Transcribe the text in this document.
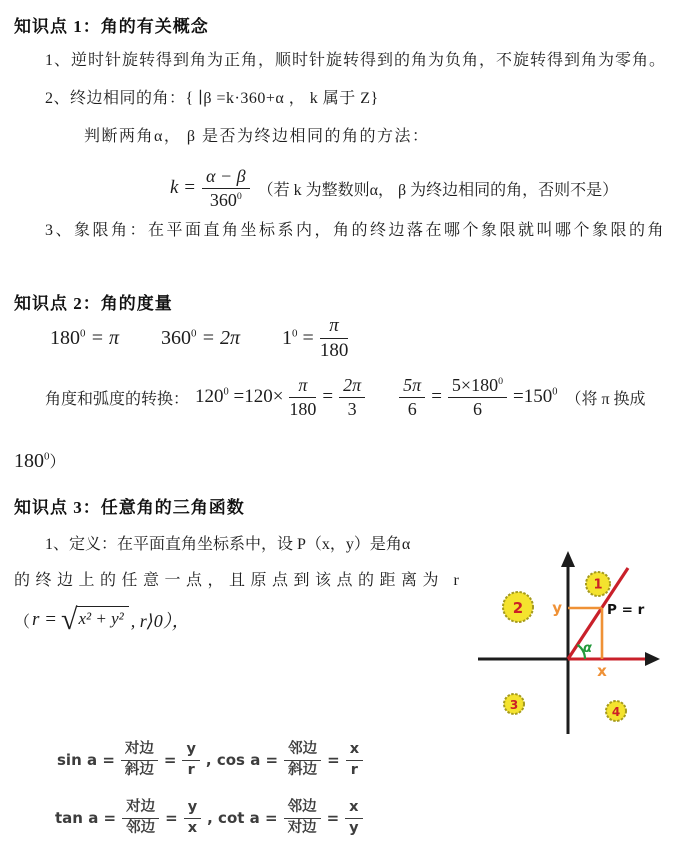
知识点 1：角的有关概念
1、逆时针旋转得到角为正角，顺时针旋转得到的角为负角，不旋转得到角为零角。
2、终边相同的角：{ ∣β =k·360+α ， k 属于 Z}
判断两角α， β 是否为终边相同的角的方法：
$k = \frac{\alpha - \beta}{360^0}$ （若 k 为整数则α， β 为终边相同的角，否则不是）
3、象限角：在平面直角坐标系内，角的终边落在哪个象限就叫哪个象限的角
知识点 2：角的度量
$180^0 = \pi$ $360^0 = 2\pi$ $1^0 = \frac{\pi}{180}$
角度和弧度的转换： $120^0 =120\times \frac{\pi}{180} = \frac{2\pi}{3} \frac{5\pi}{6} = \frac{5\times 180^0}{6} =150^0$ （将 π 换成
$180^0$）
知识点 3：任意角的三角函数
1、定义：在平面直角坐标系中，设 P（x，y）是角α
的终边上的任意一点，且原点到该点的距离为 r
（ r = √ x² + y² , r⟩0），
α
y
x
P = r
1
2
3	4
$\sin a = \frac{\text{对边}}{\text{斜边}} = \frac{y}{r}$ , $\cos a = \frac{\text{邻边}}{\text{斜边}} = \frac{x}{r}$
$\tan a = \frac{\text{对边}}{\text{邻边}} = \frac{y}{x}$ , $\cot a = \frac{\text{邻边}}{\text{对边}} = \frac{x}{y}$
